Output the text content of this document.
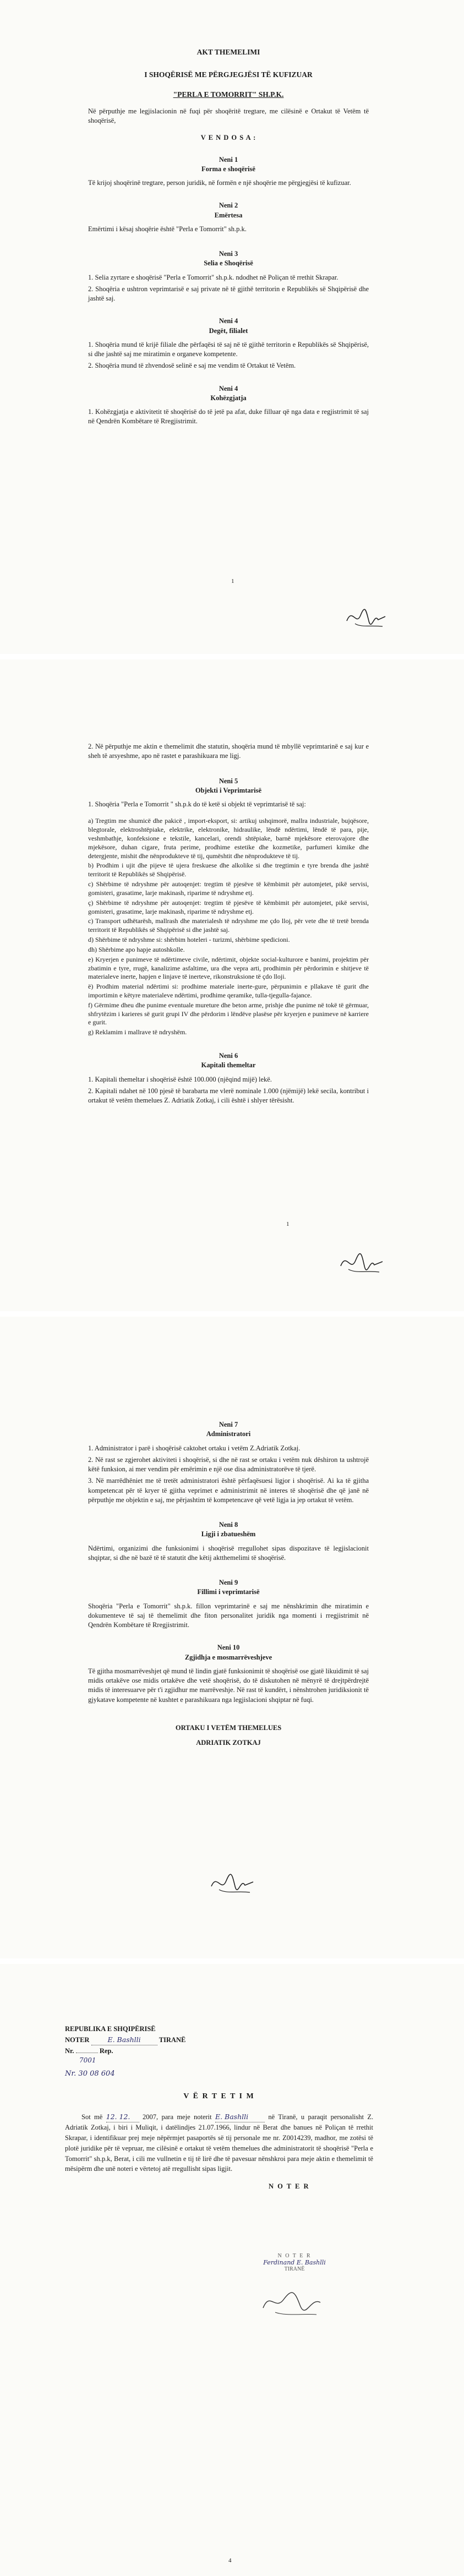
AKT THEMELIMI
I SHOQËRISË ME PËRGJEGJËSI TË KUFIZUAR
"PERLA E TOMORRIT" SH.P.K.

Në përputhje me legjislacionin në fuqi për shoqëritë tregtare, me cilësinë e Ortakut të Vetëm të shoqërisë,

V E N D O S A :
Neni 1
Forma e shoqërisë

Të krijoj shoqërinë tregtare, person juridik, në formën e një shoqërie me përgjegjësi të kufizuar.

Neni 2
Emërtesa

Emërtimi i kësaj shoqërie është "Perla e Tomorrit" sh.p.k.

Neni 3
Selia e Shoqërisë

1. Selia zyrtare e shoqërisë "Perla e Tomorrit" sh.p.k. ndodhet në Poliçan të rrethit Skrapar.

2. Shoqëria e ushtron veprimtarisë e saj private në të gjithë territorin e Republikës së Shqipërisë dhe jashtë saj.

Neni 4
Degët, filialet

1. Shoqëria mund të krijë filiale dhe përfaqësi të saj në të gjithë territorin e Republikës së Shqipërisë, si dhe jashtë saj me miratimin e organeve kompetente.

2. Shoqëria mund të zhvendosë selinë e saj me vendim të Ortakut të Vetëm.

Neni 4
Kohëzgjatja

1. Kohëzgjatja e aktivitetit të shoqërisë do të jetë pa afat, duke filluar që nga data e regjistrimit të saj në Qendrën Kombëtare të Rregjistrimit.

1

2. Në përputhje me aktin e themelimit dhe statutin, shoqëria mund të mbyllë veprimtarinë e saj kur e sheh të arsyeshme, apo në rastet e parashikuara me ligj.

Neni 5
Objekti i Veprimtarisë

1. Shoqëria "Perla e Tomorrit " sh.p.k do të ketë si objekt të veprimtarisë të saj:

a) Tregtim me shumicë dhe pakicë , import-eksport, si: artikuj ushqimorë, mallra industriale, bujqësore, blegtorale, elektroshtëpiake, elektrike, elektronike, hidraulike, lëndë ndërtimi, lëndë të para, pije, veshmbathje, konfeksione e tekstile, kancelari, orendi shtëpiake, barnë mjekësore eterovajore dhe mjekësore, duhan cigare, fruta perime, prodhime estetike dhe kozmetike, parfumeri kimike dhe detergjente, mishit dhe nënprodukteve të tij, qumështit dhe nënprodukteve të tij.

b) Prodhim i ujit dhe pijeve të ujera freskuese dhe alkolike si dhe tregtimin e tyre brenda dhe jashtë territorit të Republikës së Shqipërisë.

c) Shërbime të ndryshme për autoqenjet: tregtim të pjesëve të këmbimit për automjetet, pikë servisi, gomisteri, grasatime, larje makinash, riparime të ndryshme etj.

ç) Shërbime të ndryshme për autoqenjet: tregtim të pjesëve të këmbimit për automjetet, pikë servisi, gomisteri, grasatime, larje makinash, riparime të ndryshme etj.

c) Transport udhëtarësh, mallrash dhe materialesh të ndryshme me çdo lloj, për vete dhe të tretë brenda territorit të Republikës së Shqipërisë si dhe jashtë saj.

d) Shërbime të ndryshme si: shërbim hoteleri - turizmi, shërbime spedicioni.

dh) Shërbime apo hapje autoshkolle.

e) Kryerjen e punimeve të ndërtimeve civile, ndërtimit, objekte social-kulturore e banimi, projektim për zbatimin e tyre, rrugë, kanalizime asfaltime, ura dhe vepra arti, prodhimin për përdorimin e shitjeve të materialeve inerte, hapjen e linjave të inerteve, rikonstruksione të çdo lloji.

ë) Prodhim material ndërtimi si: prodhime materiale inerte-gure, përpunimin e pllakave të gurit dhe importimin e këtyre materialeve ndërtimi, prodhime qeramike, tulla-tjegulla-fajance.

f) Gërmime dheu dhe punime eventuale mureture dhe beton arme, prishje dhe punime në tokë të gërmuar, shfrytëzim i karieres së gurit grupi IV dhe përdorim i lëndëve plasëse për kryerjen e punimeve në karriere e gurit.

g) Reklamim i mallrave të ndryshëm.

Neni 6
Kapitali themeltar

1. Kapitali themeltar i shoqërisë është 100.000 (njëqind mijë) lekë.

2. Kapitali ndahet në 100 pjesë të barabarta me vlerë nominale 1.000 (njëmijë) lekë secila, kontribut i ortakut të vetëm themelues Z. Adriatik Zotkaj, i cili është i shlyer tërësisht.

1
Neni 7
Administratori

1. Administrator i parë i shoqërisë caktohet ortaku i vetëm Z.Adriatik Zotkaj.

2. Në rast se zgjerohet aktiviteti i shoqërisë, si dhe në rast se ortaku i vetëm nuk dëshiron ta ushtrojë këtë funksion, ai mer vendim për emërimin e një ose disa administratorëve të tjerë.

3. Në marrëdhëniet me të tretët administratori është përfaqësuesi ligjor i shoqërisë. Ai ka të gjitha kompetencat për të kryer të gjitha veprimet e administrimit në interes të shoqërisë dhe që janë në përputhje me objektin e saj, me përjashtim të kompetencave që vetë ligja ia jep ortakut të vetëm.

Neni 8
Ligji i zbatueshëm

Ndërtimi, organizimi dhe funksionimi i shoqërisë rregullohet sipas dispozitave të legjislacionit shqiptar, si dhe në bazë të të statutit dhe këtij aktthemelimi të shoqërisë.

Neni 9
Fillimi i veprimtarisë

Shoqëria "Perla e Tomorrit" sh.p.k. fillon veprimtarinë e saj me nënshkrimin dhe miratimin e dokumenteve të saj të themelimit dhe fiton personalitet juridik nga momenti i rregjistrimit në Qendrën Kombëtare të Rregjistrimit.

Neni 10
Zgjidhja e mosmarrëveshjeve

Të gjitha mosmarrëveshjet që mund të lindin gjatë funksionimit të shoqërisë ose gjatë likuidimit të saj midis ortakëve ose midis ortakëve dhe vetë shoqërisë, do të diskutohen në mënyrë të drejtpërdrejtë midis të interesuarve për t'i zgjidhur me marrëveshje. Në rast të kundërt, i nënshtrohen juridiksionit të gjykatave kompetente në kushtet e parashikuara nga legjislacioni shqiptar në fuqi.

ORTAKU I VETËM THEMELUES
ADRIATIK ZOTKAJ
REPUBLIKA E SHQIPËRISË
NOTER	E. Bashlli	TIRANË
Nr.	Rep.
7001
Nr. 30 08 604
V Ë R T E T I M

Sot më 12. 12. 2007, para meje noterit E. Bashlli	në Tiranë, u paraqit personalisht Z. Adriatik Zotkaj, i biri i Muliqit, i datëlindjes 21.07.1966, lindur në Berat dhe banues në Poliçan të rrethit Skrapar, i identifikuar prej meje nëpërmjet pasaportës së tij personale me nr. Z0014239, madhor, me zotësi të plotë juridike për të vepruar, me cilësinë e ortakut të vetëm themelues dhe administratorit të shoqërisë "Perla e Tomorrit" sh.p.k, Berat, i cili me vullnetin e tij të lirë dhe të pavesuar nënshkroi para meje aktin e themelimit të mësipërm dhe unë noteri e vërtetoj atë rregullisht sipas ligjit.

N O T E R
N O T E R
Ferdinand E. Bashlli
TIRANË
4
